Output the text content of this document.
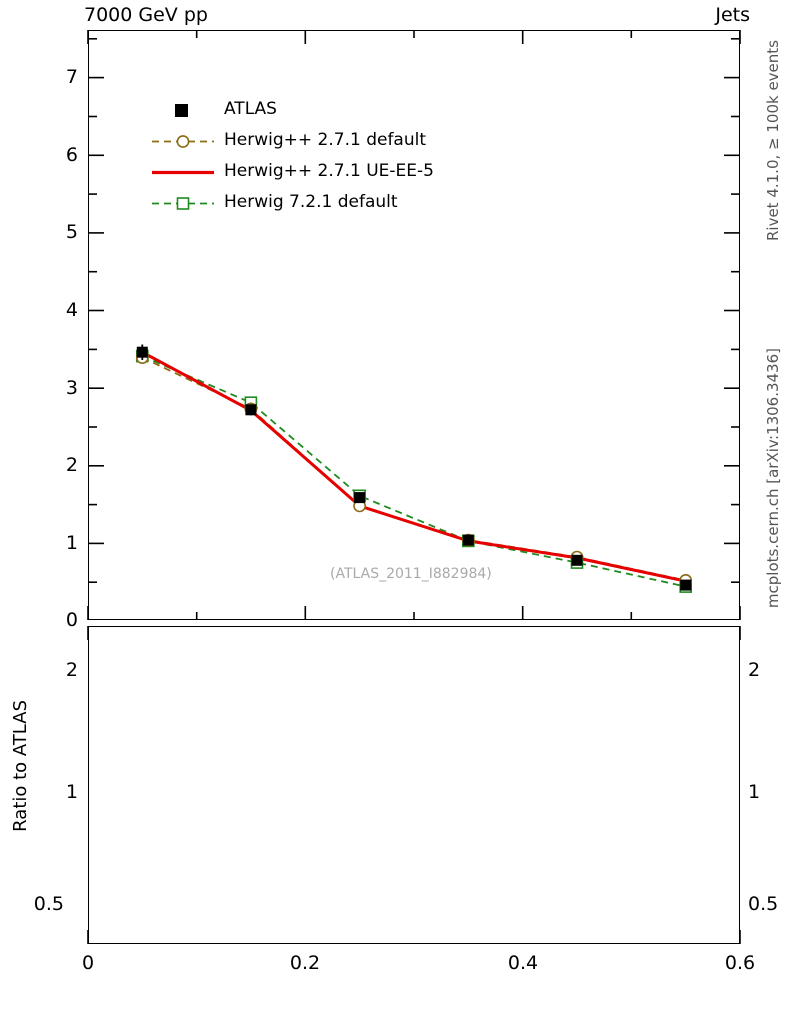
7000 GeV pp	Jets
Rivet 4.1.0, ≥ 100k events
mcplots.cern.ch [arXiv:1306.3436]
1
2
3
4
5
6
7
0
0.5
1
2
0.5
1
2
0	0.2	0.4	0.6
Ratio to ATLAS
(ATLAS_2011_I882984)
ATLAS
Herwig++ 2.7.1 default
Herwig++ 2.7.1 UE-EE-5
Herwig 7.2.1 default
